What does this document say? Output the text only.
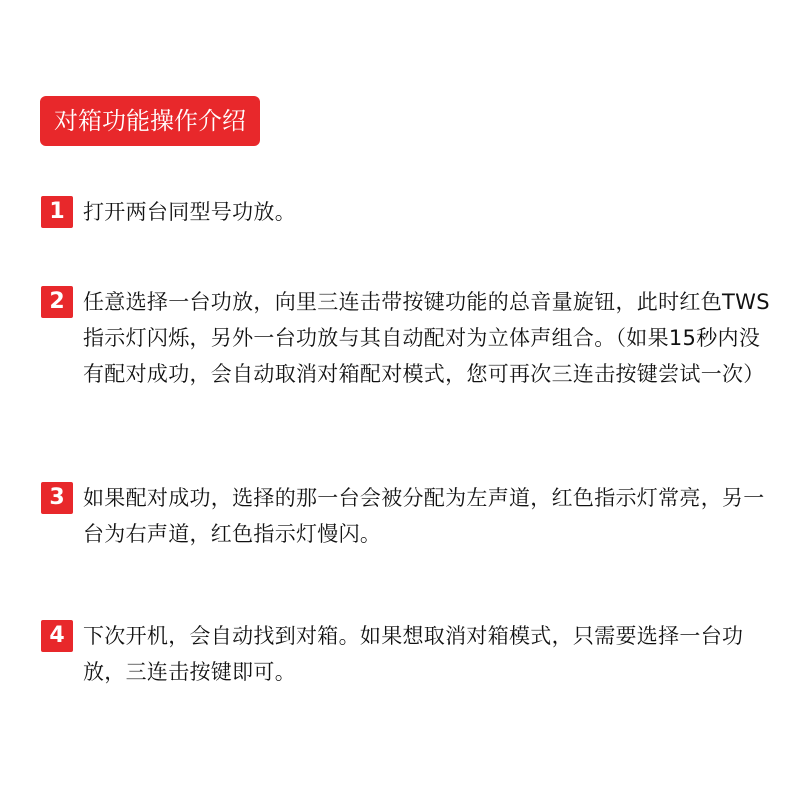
对箱功能操作介绍
1 打开两台同型号功放。
2 任意选择一台功放，向里三连击带按键功能的总音量旋钮，此时红色TWS指示灯闪烁，另外一台功放与其自动配对为立体声组合。（如果15秒内没有配对成功，会自动取消对箱配对模式，您可再次三连击按键尝试一次）
3 如果配对成功，选择的那一台会被分配为左声道，红色指示灯常亮，另一台为右声道，红色指示灯慢闪。
4 下次开机，会自动找到对箱。如果想取消对箱模式，只需要选择一台功放，三连击按键即可。
